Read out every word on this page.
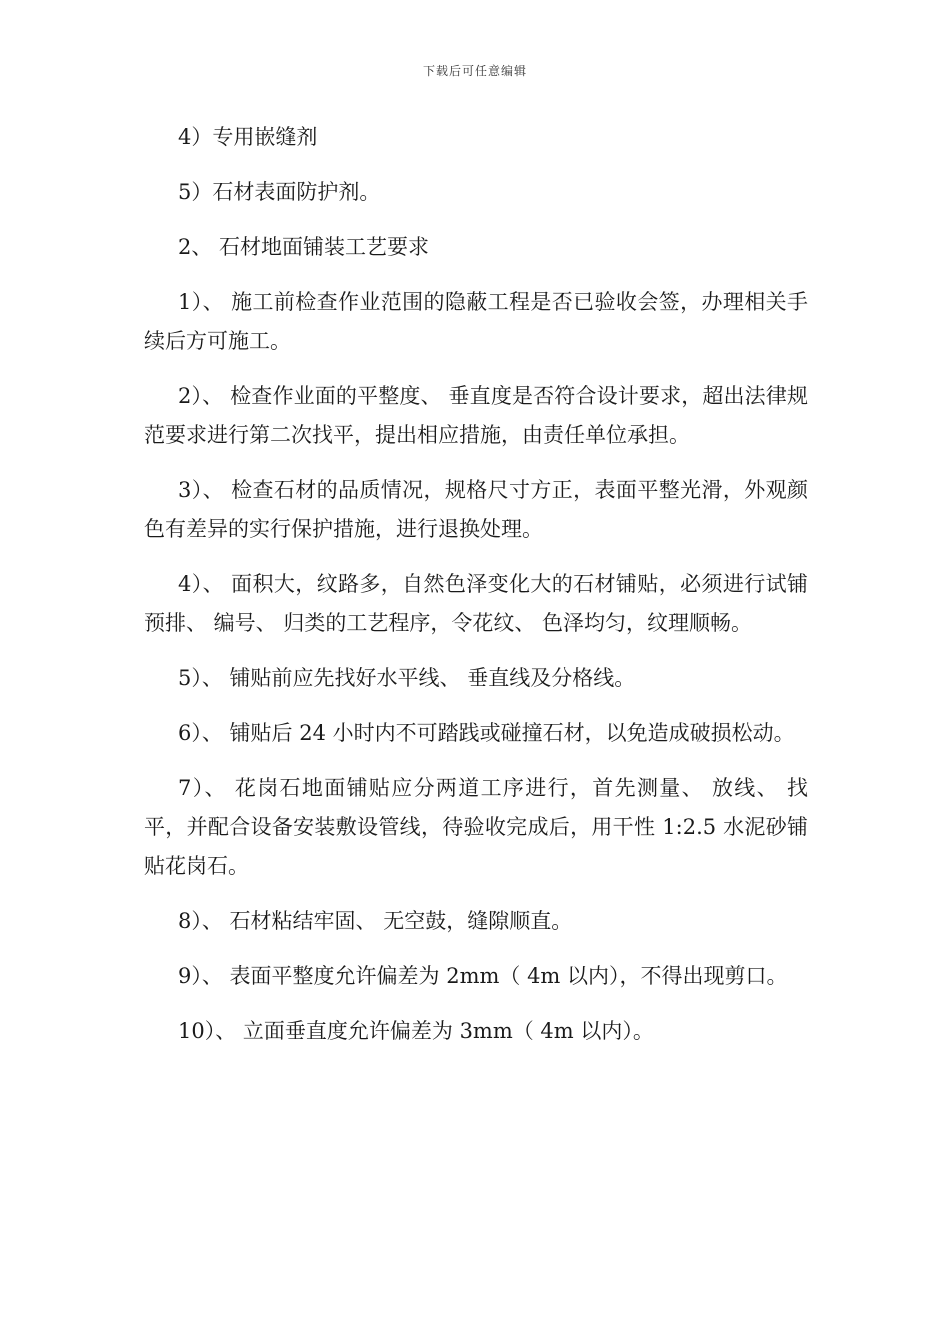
下载后可任意编辑

4）专用嵌缝剂

5）石材表面防护剂。

2、 石材地面铺装工艺要求

1）、 施工前检查作业范围的隐蔽工程是否已验收会签，办理相关手续后方可施工。

2）、 检查作业面的平整度、 垂直度是否符合设计要求，超出法律规范要求进行第二次找平，提出相应措施，由责任单位承担。

3）、 检查石材的品质情况，规格尺寸方正，表面平整光滑，外观颜色有差异的实行保护措施，进行退换处理。

4）、 面积大，纹路多，自然色泽变化大的石材铺贴，必须进行试铺预排、 编号、 归类的工艺程序，令花纹、 色泽均匀，纹理顺畅。

5）、 铺贴前应先找好水平线、 垂直线及分格线。

6）、 铺贴后 24 小时内不可踏践或碰撞石材，以免造成破损松动。

7）、 花岗石地面铺贴应分两道工序进行，首先测量、 放线、 找平，并配合设备安装敷设管线，待验收完成后，用干性 1:2.5 水泥砂铺贴花岗石。

8）、 石材粘结牢固、 无空鼓，缝隙顺直。

9）、 表面平整度允许偏差为 2mm（ 4m 以内），不得出现剪口。

10）、 立面垂直度允许偏差为 3mm（ 4m 以内）。
